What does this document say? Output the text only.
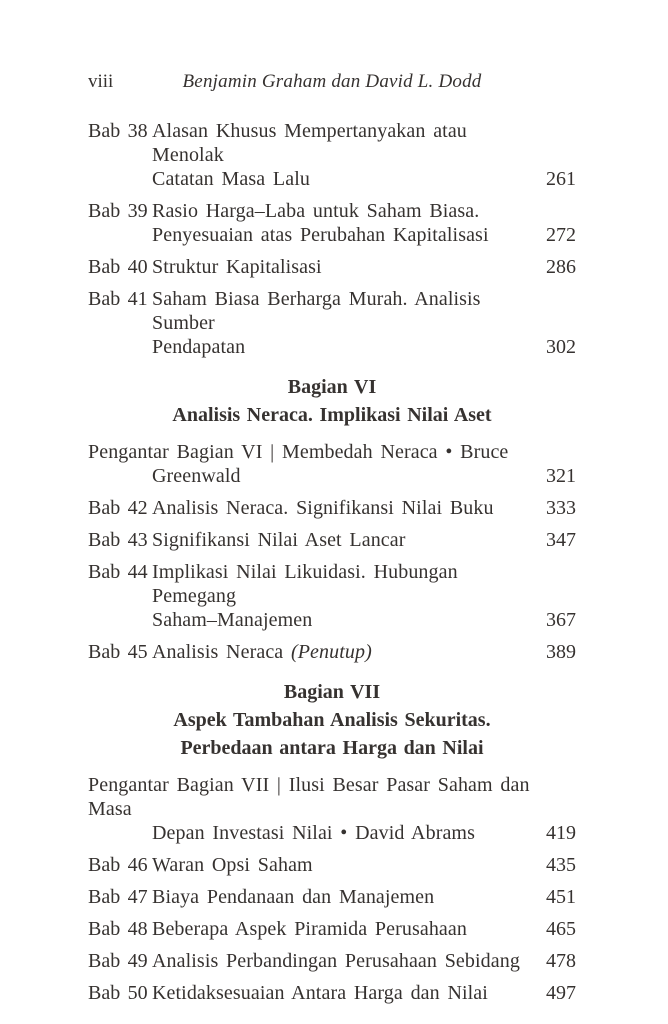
viii	Benjamin Graham dan David L. Dodd
Bab 38 Alasan Khusus Mempertanyakan atau Menolak
Catatan Masa Lalu	261
Bab 39 Rasio Harga–Laba untuk Saham Biasa.
Penyesuaian atas Perubahan Kapitalisasi	272
Bab 40 Struktur Kapitalisasi	286
Bab 41 Saham Biasa Berharga Murah. Analisis Sumber
Pendapatan	302
Bagian VI
Analisis Neraca. Implikasi Nilai Aset
Pengantar Bagian VI | Membedah Neraca • Bruce
Greenwald	321
Bab 42 Analisis Neraca. Signifikansi Nilai Buku	333
Bab 43 Signifikansi Nilai Aset Lancar	347
Bab 44 Implikasi Nilai Likuidasi. Hubungan Pemegang
Saham–Manajemen	367
Bab 45 Analisis Neraca (Penutup)	389
Bagian VII
Aspek Tambahan Analisis Sekuritas.
Perbedaan antara Harga dan Nilai
Pengantar Bagian VII | Ilusi Besar Pasar Saham dan Masa
Depan Investasi Nilai • David Abrams	419
Bab 46 Waran Opsi Saham	435
Bab 47 Biaya Pendanaan dan Manajemen	451
Bab 48 Beberapa Aspek Piramida Perusahaan	465
Bab 49 Analisis Perbandingan Perusahaan Sebidang	478
Bab 50 Ketidaksesuaian Antara Harga dan Nilai	497
